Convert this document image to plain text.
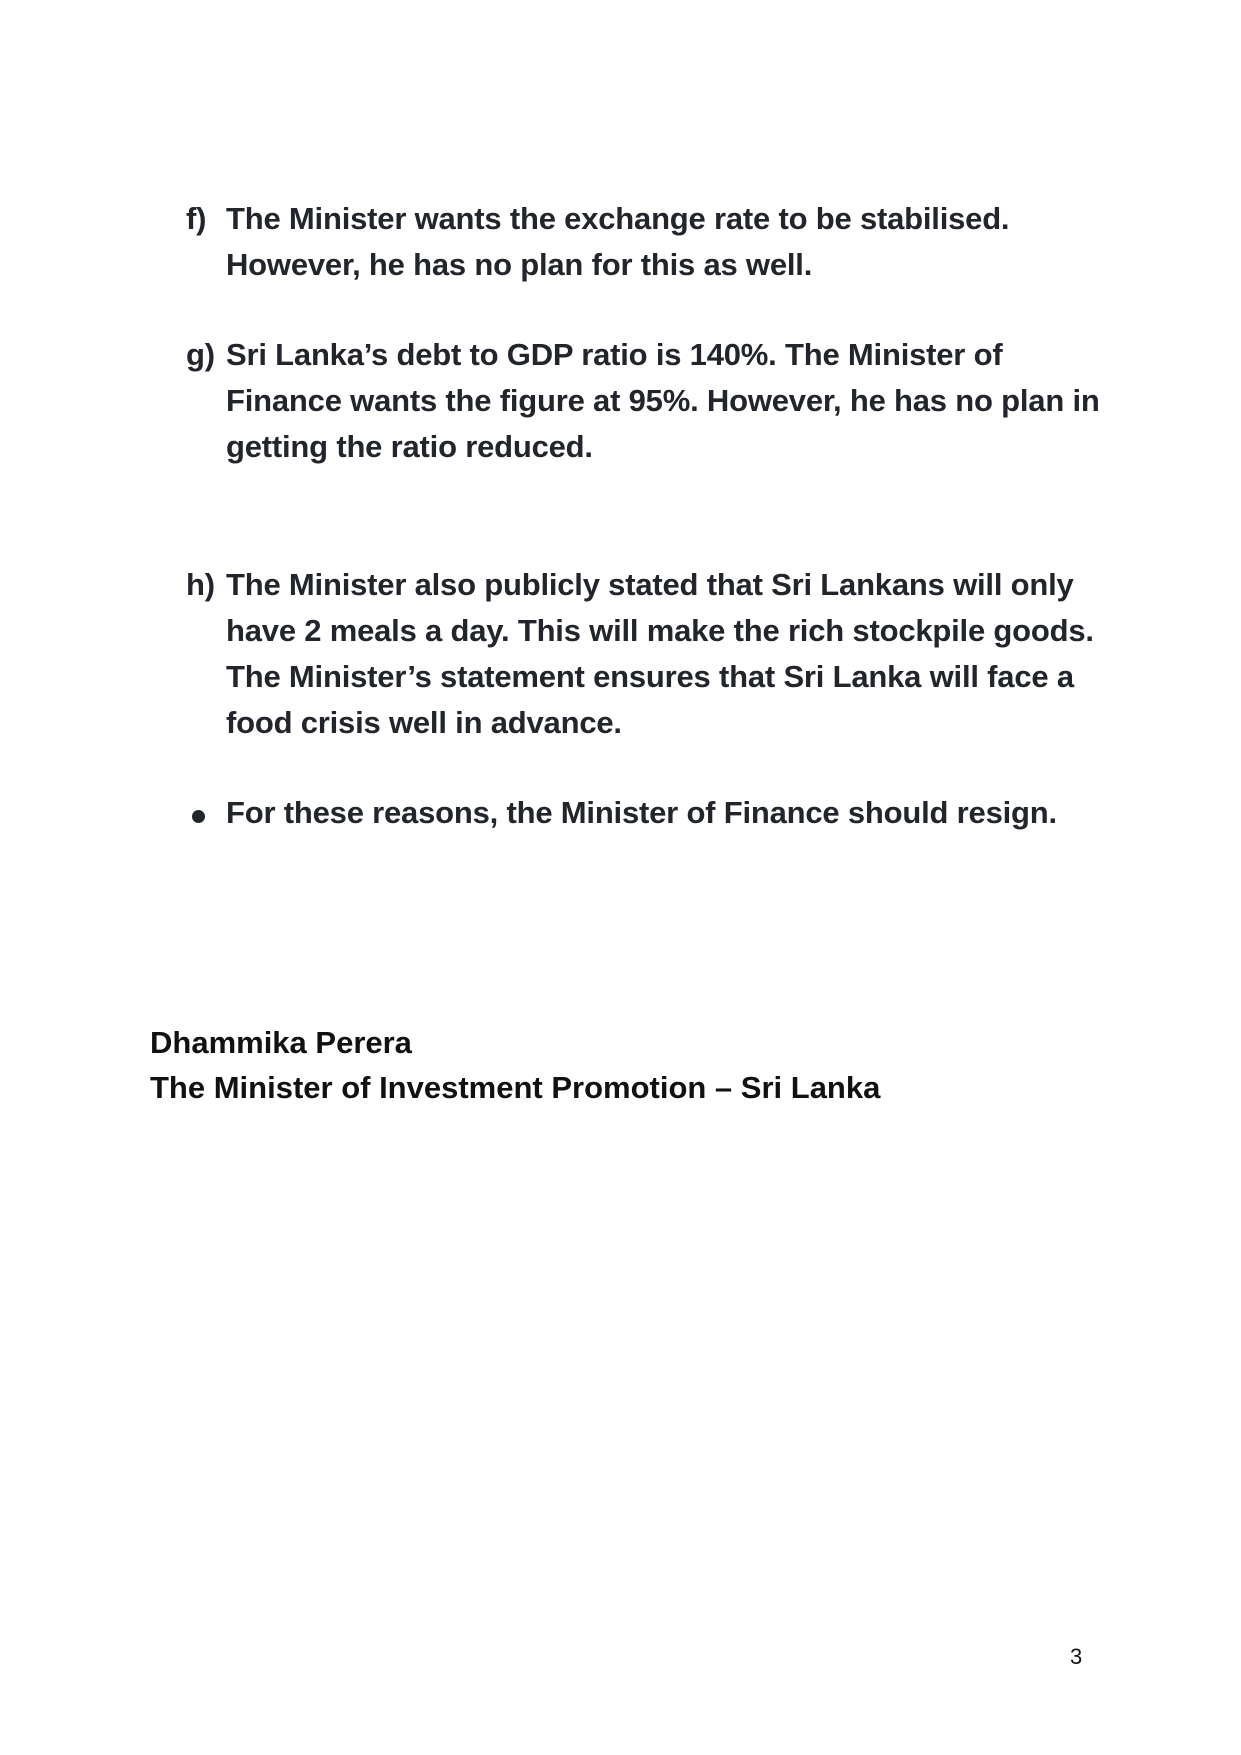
f) The Minister wants the exchange rate to be stabilised. However, he has no plan for this as well.
g) Sri Lanka’s debt to GDP ratio is 140%. The Minister of Finance wants the figure at 95%. However, he has no plan in getting the ratio reduced.
h) The Minister also publicly stated that Sri Lankans will only have 2 meals a day. This will make the rich stockpile goods. The Minister’s statement ensures that Sri Lanka will face a food crisis well in advance.
For these reasons, the Minister of Finance should resign.
Dhammika Perera
The Minister of Investment Promotion – Sri Lanka
3
